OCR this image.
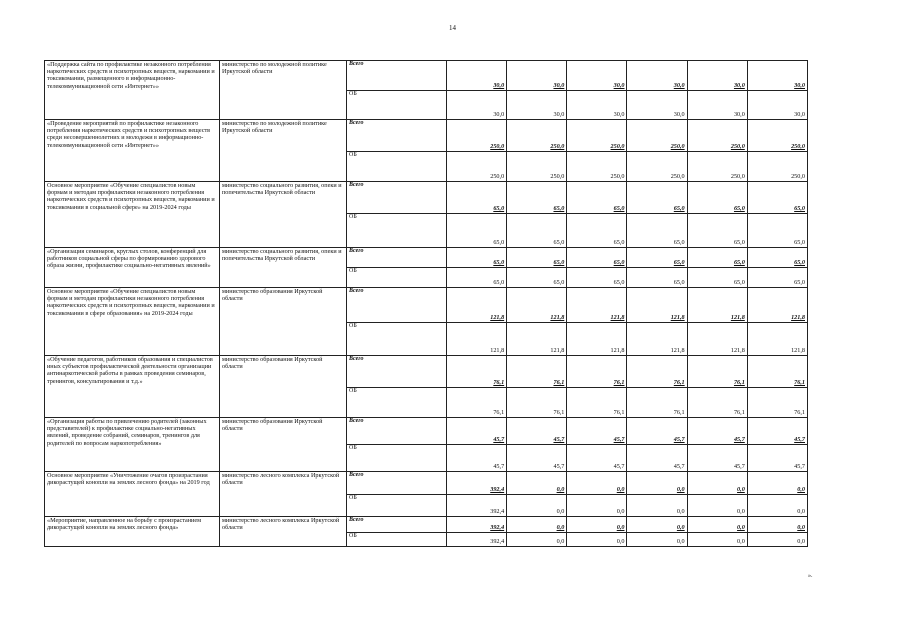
14
«Поддержка сайта по профилактике незаконного потребления наркотических средств и психотропных веществ, наркомании и токсикомании, размещенного в информационно-телекоммуникационной сети «Интернет»»	министерство по молодежной политике Иркутской области	Всего	30,0	30,0	30,0	30,0	30,0	30,0
		ОБ	30,0	30,0	30,0	30,0	30,0	30,0
«Проведение мероприятий по профилактике незаконного потребления наркотических средств и психотропных веществ среди несовершеннолетних и молодежи в информационно-телекоммуникационной сети «Интернет»»	министерство по молодежной политике Иркутской области	Всего	250,0	250,0	250,0	250,0	250,0	250,0
		ОБ	250,0	250,0	250,0	250,0	250,0	250,0
Основное мероприятие «Обучение специалистов новым формам и методам профилактики незаконного потребления наркотических средств и психотропных веществ, наркомании и токсикомании в социальной сфере» на 2019-2024 годы	министерство социального развития, опеки и попечительства Иркутской области	Всего	65,0	65,0	65,0	65,0	65,0	65,0
		ОБ	65,0	65,0	65,0	65,0	65,0	65,0
«Организация семинаров, круглых столов, конференций для работников социальной сферы по формированию здорового образа жизни, профилактике социально-негативных явлений»	министерство социального развития, опеки и попечительства Иркутской области	Всего	65,0	65,0	65,0	65,0	65,0	65,0
		ОБ	65,0	65,0	65,0	65,0	65,0	65,0
Основное мероприятие «Обучение специалистов новым формам и методам профилактики незаконного потребления наркотических средств и психотропных веществ, наркомании и токсикомании в сфере образования» на 2019-2024 годы	министерство образования Иркутской области	Всего	121,8	121,8	121,8	121,8	121,8	121,8
		ОБ	121,8	121,8	121,8	121,8	121,8	121,8
«Обучение педагогов, работников образования и специалистов иных субъектов профилактической деятельности организации антинаркотической работы в рамках проведения семинаров, тренингов, консультирования и т.д.»	министерство образования Иркутской области	Всего	76,1	76,1	76,1	76,1	76,1	76,1
		ОБ	76,1	76,1	76,1	76,1	76,1	76,1
«Организация работы по привлечению родителей (законных представителей) к профилактике социально-негативных явлений, проведение собраний, семинаров, тренингов для родителей по вопросам наркопотребления»	министерство образования Иркутской области	Всего	45,7	45,7	45,7	45,7	45,7	45,7
		ОБ	45,7	45,7	45,7	45,7	45,7	45,7
Основное мероприятие «Уничтожение очагов произрастания дикорастущей конопли на землях лесного фонда» на 2019 год	министерство лесного комплекса Иркутской области	Всего	392,4	0,0	0,0	0,0	0,0	0,0
		ОБ	392,4	0,0	0,0	0,0	0,0	0,0
«Мероприятие, направленное на борьбу с произрастанием дикорастущей конопли на землях лесного фонда»	министерство лесного комплекса Иркутской области	Всего	392,4	0,0	0,0	0,0	0,0	0,0
		ОБ	392,4	0,0	0,0	0,0	0,0	0,0
».
